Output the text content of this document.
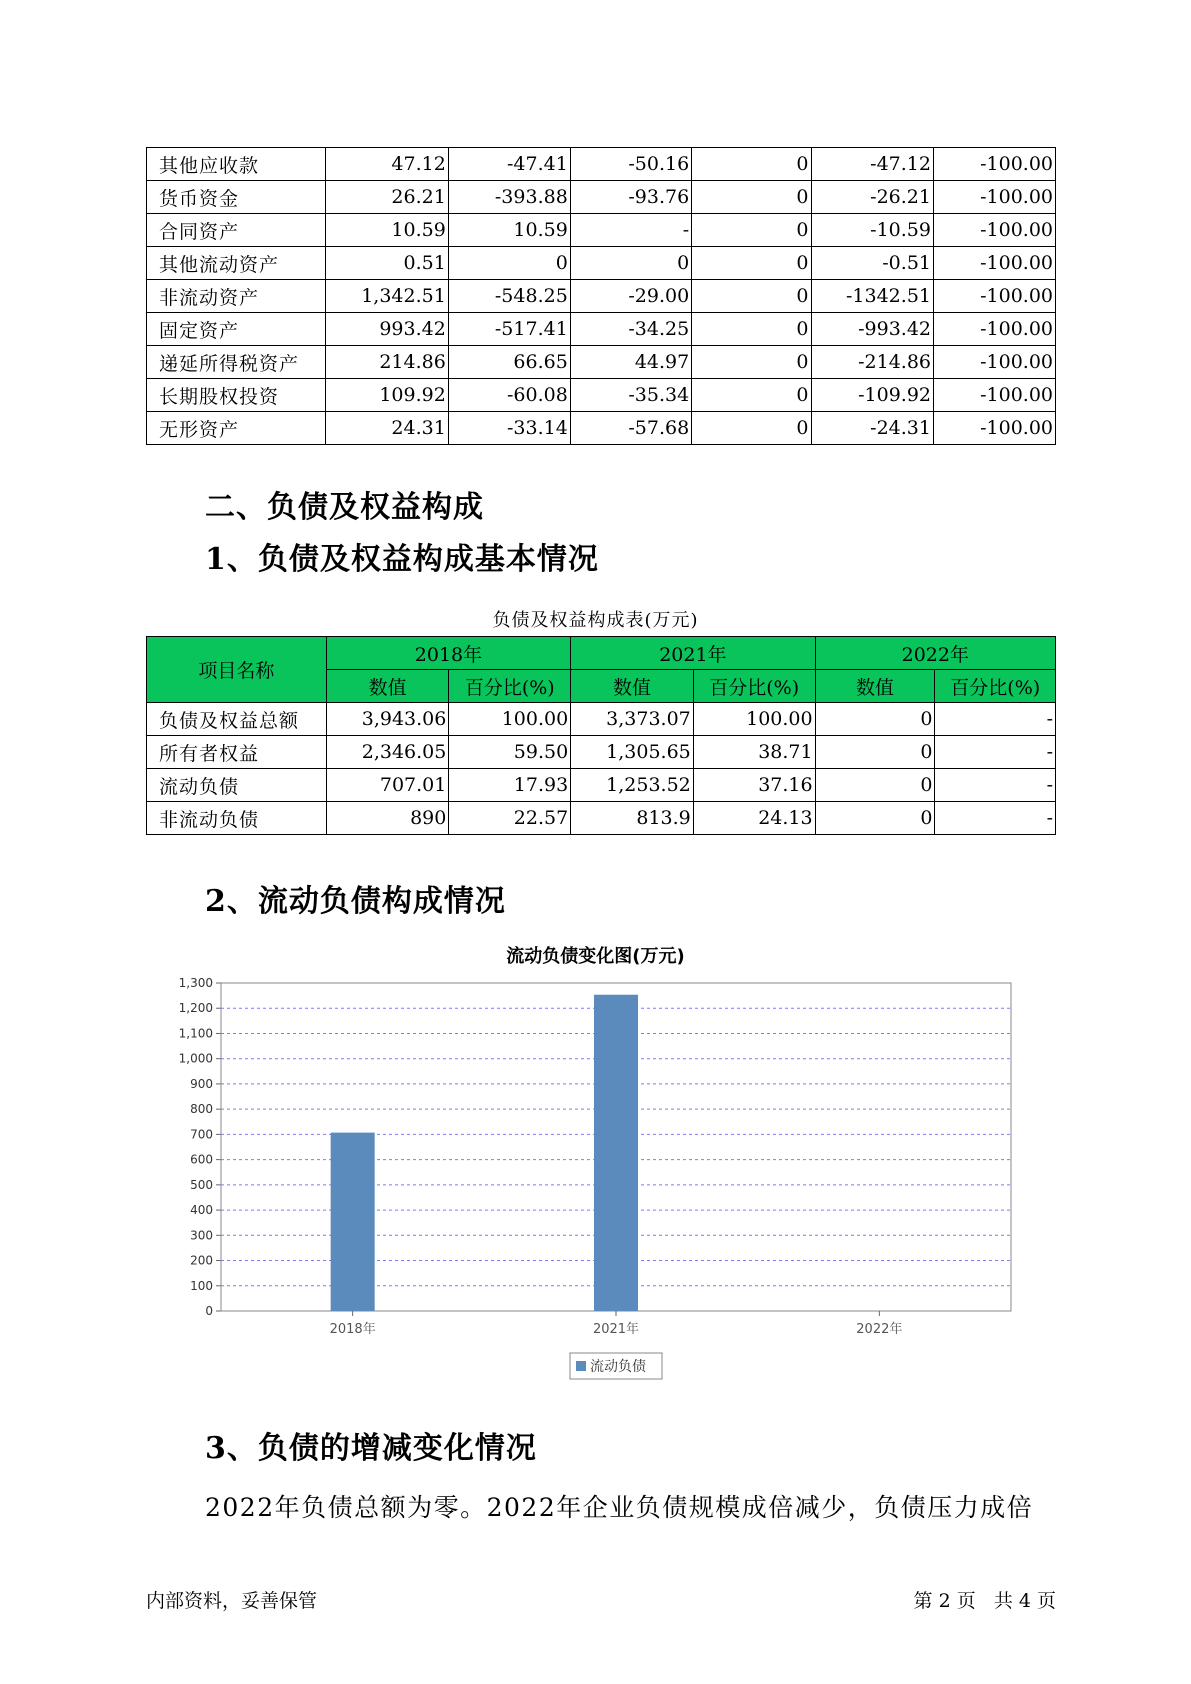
其他应收款	47.12	-47.41	-50.16	0	-47.12	-100.00
货币资金	26.21	-393.88	-93.76	0	-26.21	-100.00
合同资产	10.59	10.59	-	0	-10.59	-100.00
其他流动资产	0.51	0	0	0	-0.51	-100.00
非流动资产	1,342.51	-548.25	-29.00	0	-1342.51	-100.00
固定资产	993.42	-517.41	-34.25	0	-993.42	-100.00
递延所得税资产	214.86	66.65	44.97	0	-214.86	-100.00
长期股权投资	109.92	-60.08	-35.34	0	-109.92	-100.00
无形资产	24.31	-33.14	-57.68	0	-24.31	-100.00
二、负债及权益构成
1、负债及权益构成基本情况
负债及权益构成表(万元)
项目名称	2018年		2021年		2022年	
	数值	百分比(%)	数值	百分比(%)	数值	百分比(%)
负债及权益总额	3,943.06	100.00	3,373.07	100.00	0	-
所有者权益	2,346.05	59.50	1,305.65	38.71	0	-
流动负债	707.01	17.93	1,253.52	37.16	0	-
非流动负债	890	22.57	813.9	24.13	0	-
2、流动负债构成情况
流动负债变化图(万元)
0
100
200
300
400
500
600
700
800
900
1,000
1,100
1,200
1,300
2018年	2021年	2022年
流动负债
3、负债的增减变化情况

2022年负债总额为零。2022年企业负债规模成倍减少，负债压力成倍

内部资料，妥善保管	第 2 页   共 4 页
